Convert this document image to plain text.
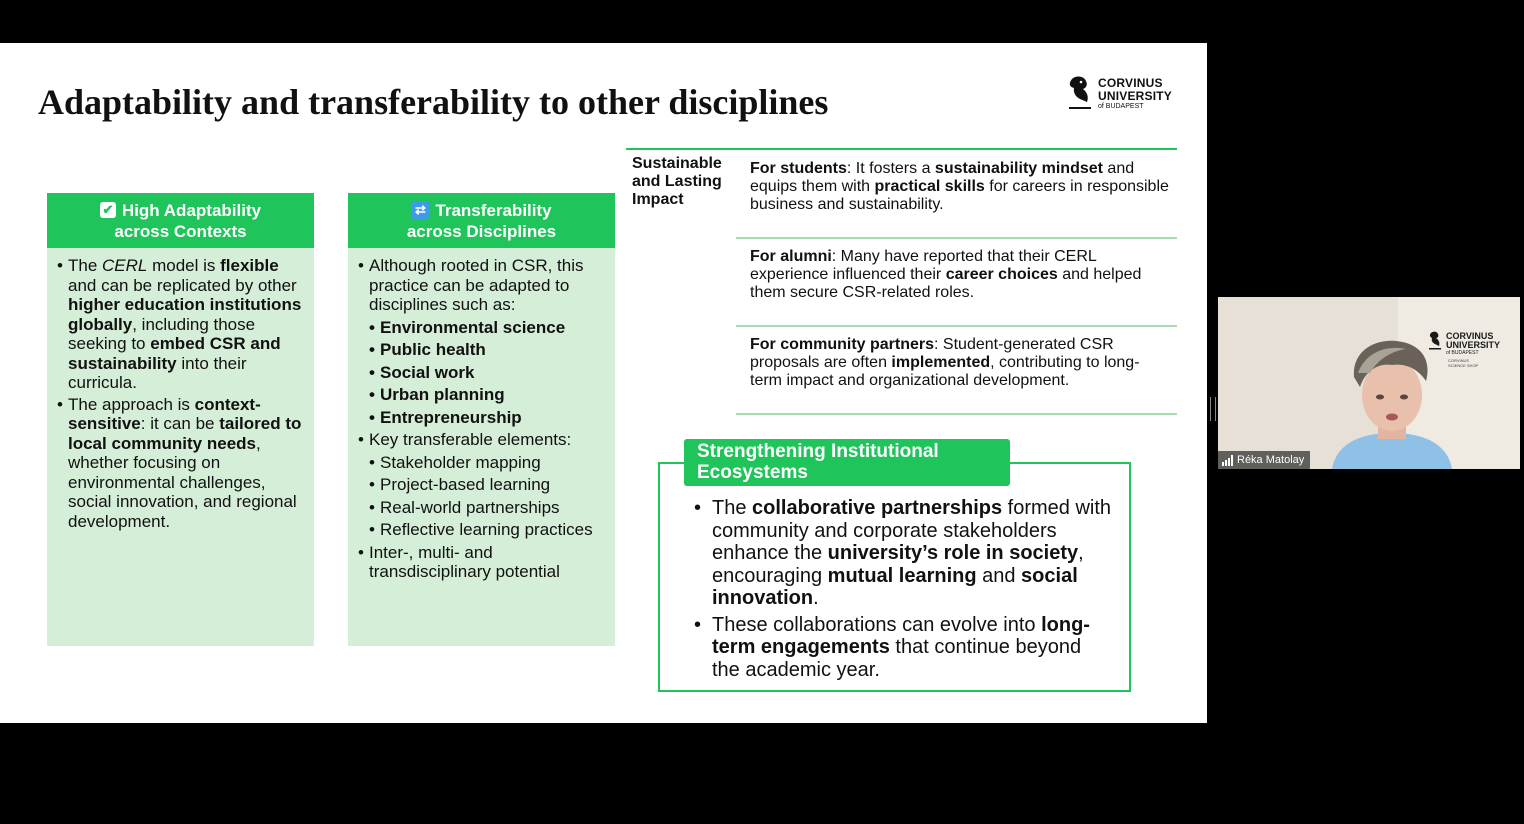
Adaptability and transferability to other disciplines	CORVINUS
UNIVERSITY
of BUDAPEST
✔ High Adaptability
across Contexts
• The CERL model is flexible and can be replicated by other higher education institutions globally, including those seeking to embed CSR and sustainability into their curricula.
• The approach is context-sensitive: it can be tailored to local community needs, whether focusing on environmental challenges, social innovation, and regional development.
⇄ Transferability
across Disciplines
• Although rooted in CSR, this practice can be adapted to disciplines such as:
• Environmental science
• Public health
• Social work
• Urban planning
• Entrepreneurship
• Key transferable elements:
• Stakeholder mapping
• Project-based learning
• Real-world partnerships
• Reflective learning practices
• Inter-, multi- and transdisciplinary potential
Sustainable and Lasting Impact
For students: It fosters a sustainability mindset and equips them with practical skills for careers in responsible business and sustainability.
For alumni: Many have reported that their CERL experience influenced their career choices and helped them secure CSR-related roles.
For community partners: Student-generated CSR proposals are often implemented, contributing to long-term impact and organizational development.
Strengthening Institutional Ecosystems
• The collaborative partnerships formed with community and corporate stakeholders enhance the university’s role in society, encouraging mutual learning and social innovation.
• These collaborations can evolve into long-term engagements that continue beyond the academic year.
CORVINUS
UNIVERSITY
of BUDAPEST
CORVINUS
SCIENCE SHOP
Réka Matolay
